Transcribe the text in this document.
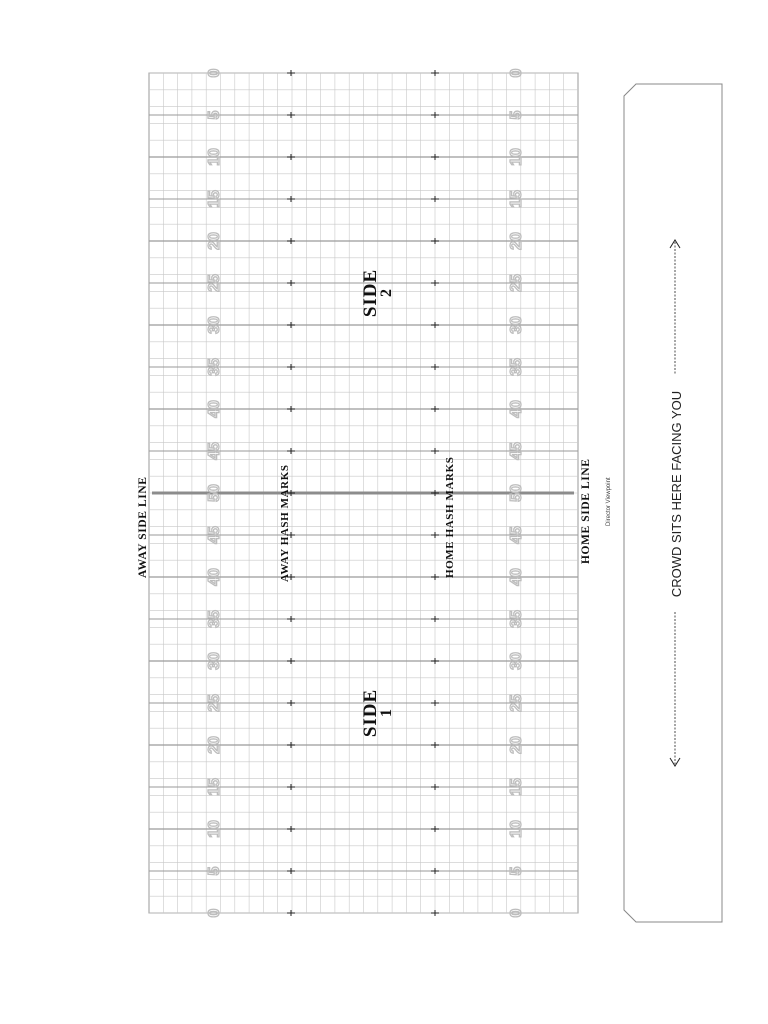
0
5
10
15
20
25
30
35
40
45
50
45
40
35
30
25
20
15
10
5
0
0
5
10
15
20
25
30
35
40
45
50
45
40
35
30
25
20
15
10
5
0
AWAY SIDE LINE	AWAY HASH MARKS	HOME HASH MARKS	HOME SIDE LINE Director Viewpoint
SIDE
2
SIDE
1
CROWD SITS HERE FACING YOU
